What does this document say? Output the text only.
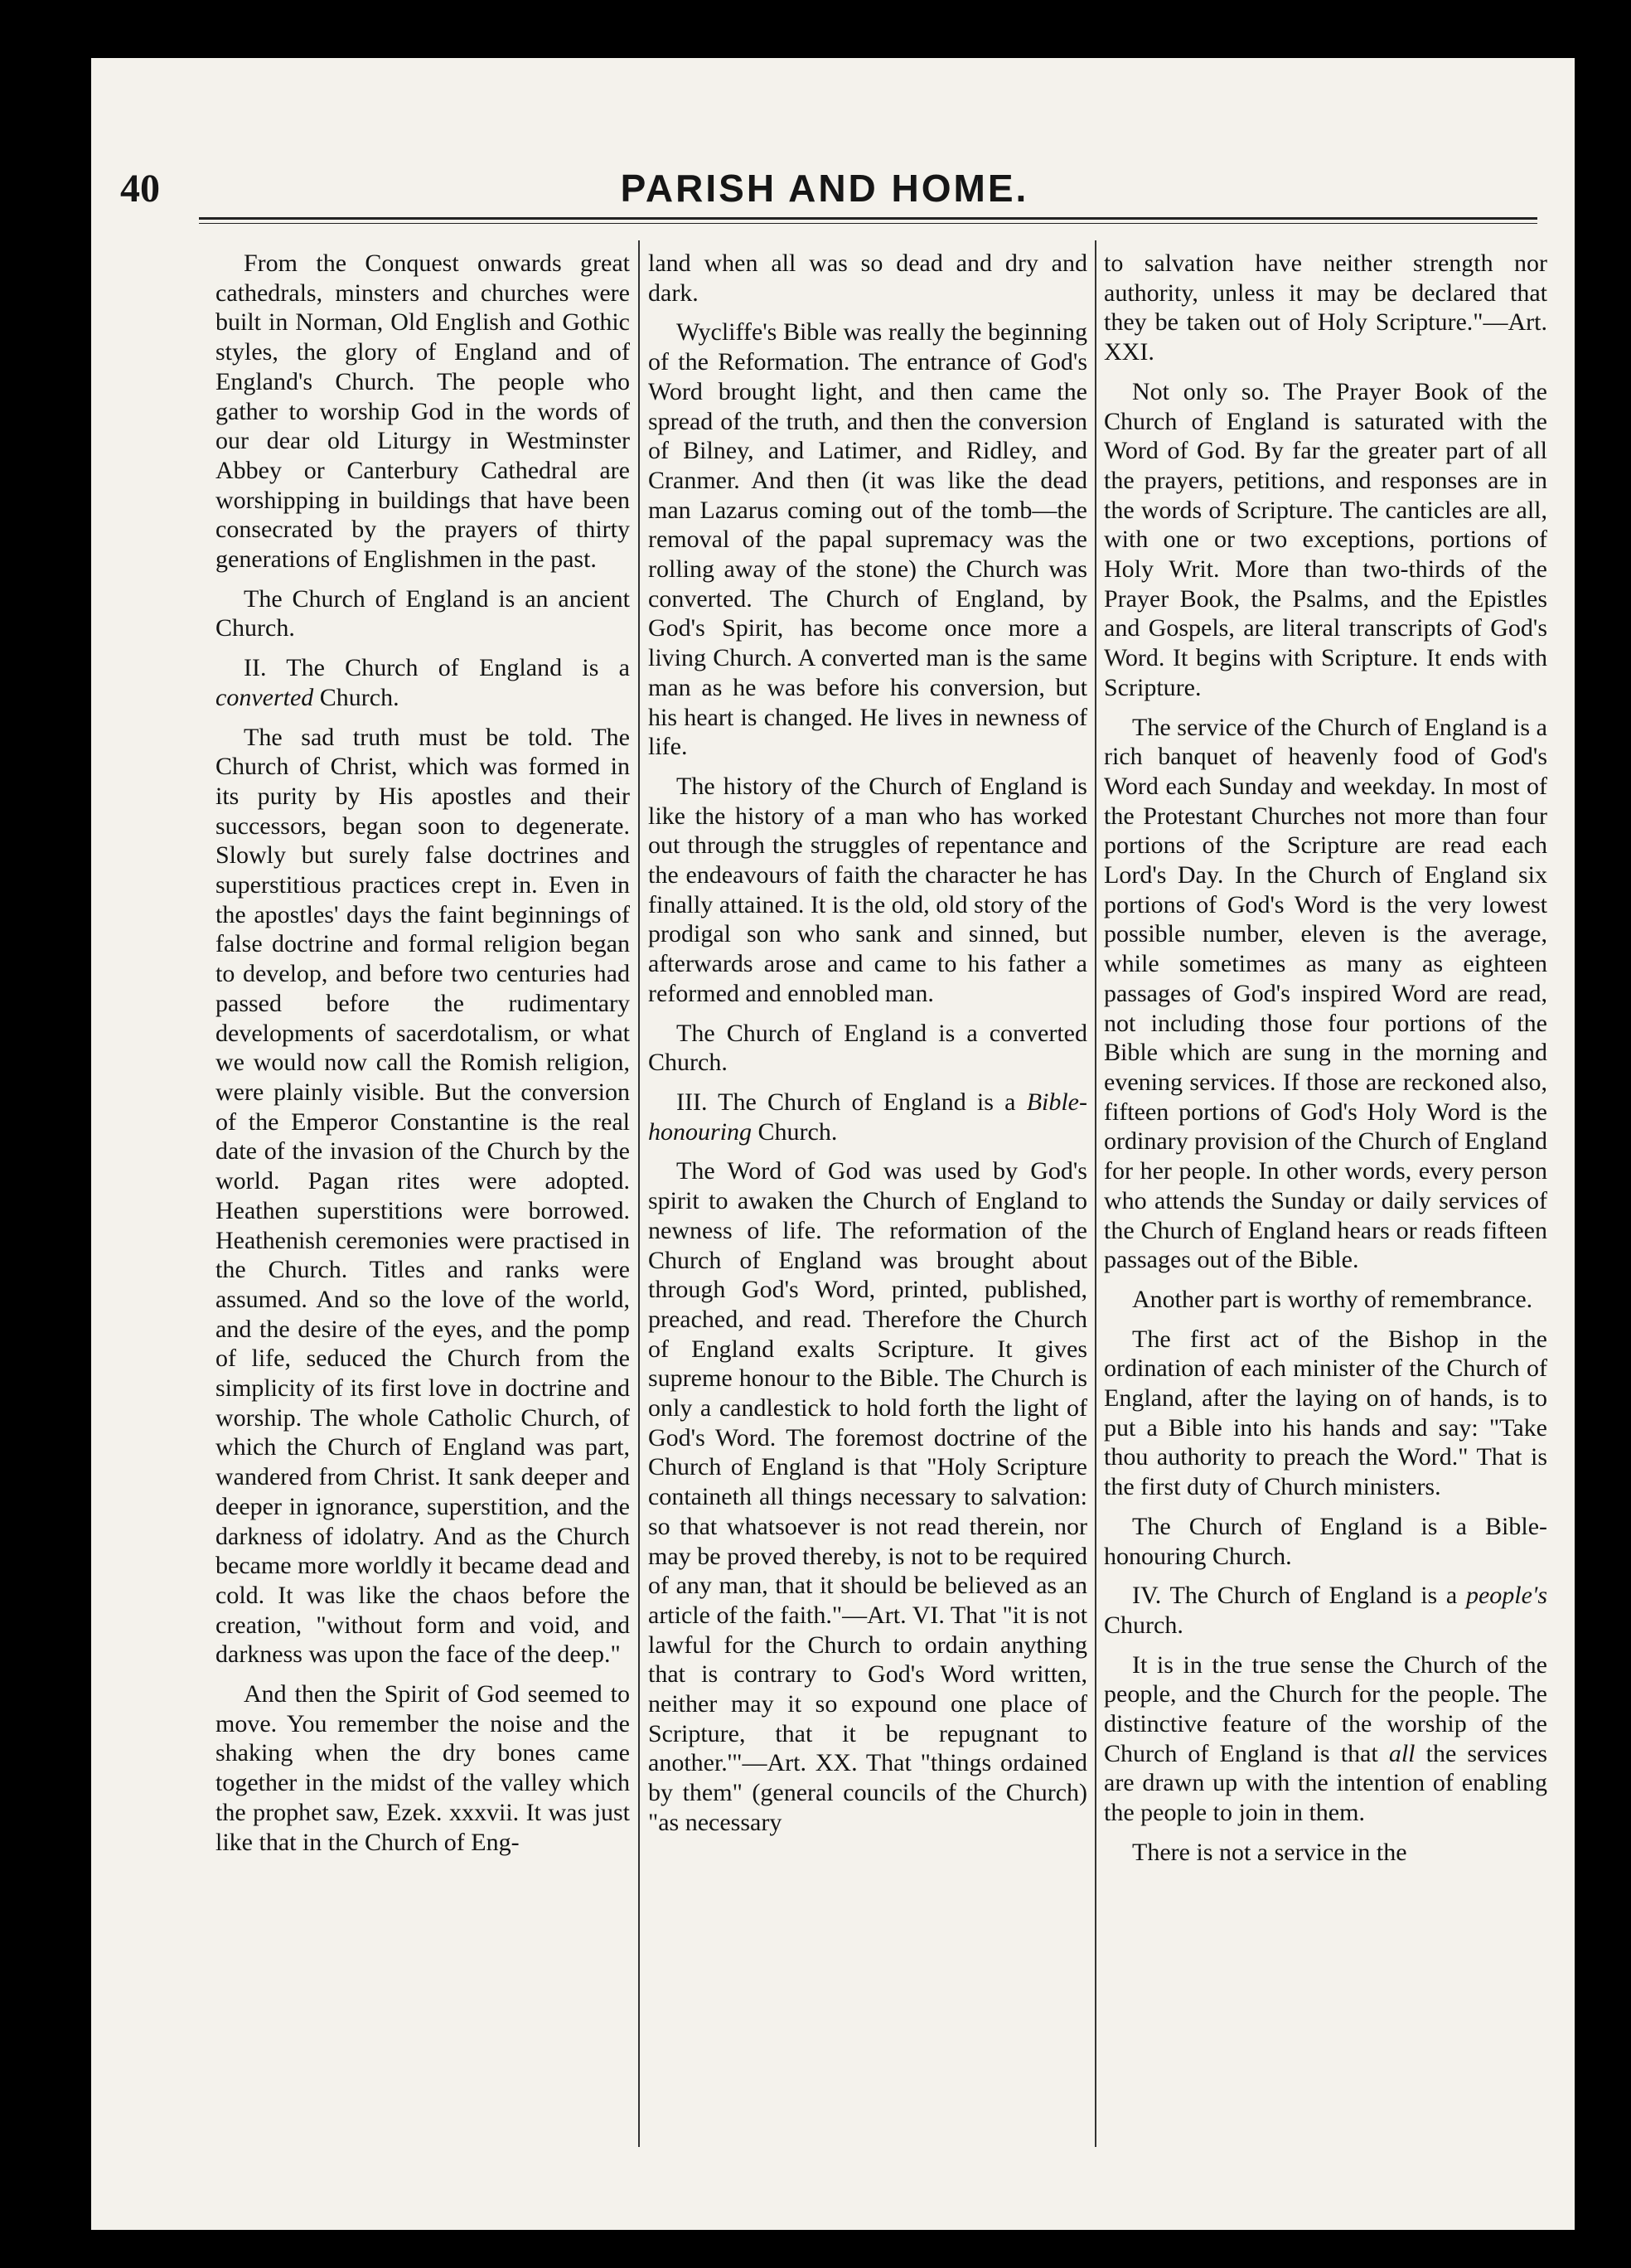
40	PARISH AND HOME.

From the Conquest onwards great cathedrals, minsters and churches were built in Norman, Old English and Gothic styles, the glory of England and of England's Church. The people who gather to worship God in the words of our dear old Liturgy in Westminster Abbey or Canterbury Cathedral are worshipping in buildings that have been consecrated by the prayers of thirty generations of Englishmen in the past.

The Church of England is an ancient Church.

II. The Church of England is a converted Church.

The sad truth must be told. The Church of Christ, which was formed in its purity by His apostles and their successors, began soon to degenerate. Slowly but surely false doctrines and superstitious practices crept in. Even in the apostles' days the faint beginnings of false doctrine and formal religion began to develop, and before two centuries had passed before the rudimentary developments of sacerdotalism, or what we would now call the Romish religion, were plainly visible. But the conversion of the Emperor Constantine is the real date of the invasion of the Church by the world. Pagan rites were adopted. Heathen superstitions were borrowed. Heathenish ceremonies were practised in the Church. Titles and ranks were assumed. And so the love of the world, and the desire of the eyes, and the pomp of life, seduced the Church from the simplicity of its first love in doctrine and worship. The whole Catholic Church, of which the Church of England was part, wandered from Christ. It sank deeper and deeper in ignorance, superstition, and the darkness of idolatry. And as the Church became more worldly it became dead and cold. It was like the chaos before the creation, "without form and void, and darkness was upon the face of the deep."

And then the Spirit of God seemed to move. You remember the noise and the shaking when the dry bones came together in the midst of the valley which the prophet saw, Ezek. xxxvii. It was just like that in the Church of Eng-

land when all was so dead and dry and dark.

Wycliffe's Bible was really the beginning of the Reformation. The entrance of God's Word brought light, and then came the spread of the truth, and then the conversion of Bilney, and Latimer, and Ridley, and Cranmer. And then (it was like the dead man Lazarus coming out of the tomb—the removal of the papal supremacy was the rolling away of the stone) the Church was converted. The Church of England, by God's Spirit, has become once more a living Church. A converted man is the same man as he was before his conversion, but his heart is changed. He lives in newness of life.

The history of the Church of England is like the history of a man who has worked out through the struggles of repentance and the endeavours of faith the character he has finally attained. It is the old, old story of the prodigal son who sank and sinned, but afterwards arose and came to his father a reformed and ennobled man.

The Church of England is a converted Church.

III. The Church of England is a Bible-honouring Church.

The Word of God was used by God's spirit to awaken the Church of England to newness of life. The reformation of the Church of England was brought about through God's Word, printed, published, preached, and read. Therefore the Church of England exalts Scripture. It gives supreme honour to the Bible. The Church is only a candlestick to hold forth the light of God's Word. The foremost doctrine of the Church of England is that "Holy Scripture containeth all things necessary to salvation: so that whatsoever is not read therein, nor may be proved thereby, is not to be required of any man, that it should be believed as an article of the faith."—Art. VI. That "it is not lawful for the Church to ordain anything that is contrary to God's Word written, neither may it so expound one place of Scripture, that it be repugnant to another.'"—Art. XX. That "things ordained by them" (general councils of the Church) "as necessary

to salvation have neither strength nor authority, unless it may be declared that they be taken out of Holy Scripture."—Art. XXI.

Not only so. The Prayer Book of the Church of England is saturated with the Word of God. By far the greater part of all the prayers, petitions, and responses are in the words of Scripture. The canticles are all, with one or two exceptions, portions of Holy Writ. More than two-thirds of the Prayer Book, the Psalms, and the Epistles and Gospels, are literal transcripts of God's Word. It begins with Scripture. It ends with Scripture.

The service of the Church of England is a rich banquet of heavenly food of God's Word each Sunday and weekday. In most of the Protestant Churches not more than four portions of the Scripture are read each Lord's Day. In the Church of England six portions of God's Word is the very lowest possible number, eleven is the average, while sometimes as many as eighteen passages of God's inspired Word are read, not including those four portions of the Bible which are sung in the morning and evening services. If those are reckoned also, fifteen portions of God's Holy Word is the ordinary provision of the Church of England for her people. In other words, every person who attends the Sunday or daily services of the Church of England hears or reads fifteen passages out of the Bible.

Another part is worthy of remembrance.

The first act of the Bishop in the ordination of each minister of the Church of England, after the laying on of hands, is to put a Bible into his hands and say: "Take thou authority to preach the Word." That is the first duty of Church ministers.

The Church of England is a Bible-honouring Church.

IV. The Church of England is a people's Church.

It is in the true sense the Church of the people, and the Church for the people. The distinctive feature of the worship of the Church of England is that all the services are drawn up with the intention of enabling the people to join in them.

There is not a service in the
